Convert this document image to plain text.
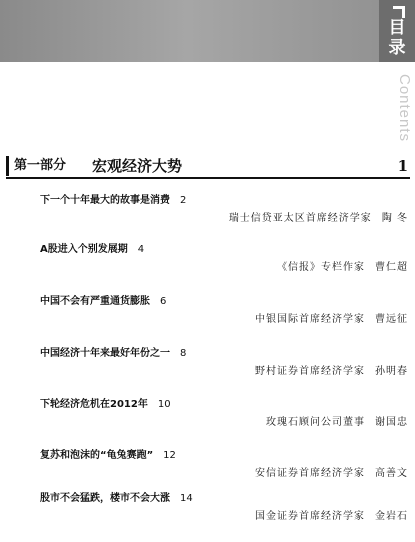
目
录
Contents
第一部分 宏观经济大势	1
下一个十年最大的故事是消费 2
瑞士信贷亚太区首席经济学家 陶 冬
A股进入个别发展期 4
《信报》专栏作家 曹仁超
中国不会有严重通货膨胀 6
中银国际首席经济学家 曹远征
中国经济十年来最好年份之一 8
野村证券首席经济学家 孙明春
下轮经济危机在2012年 10
玫瑰石顾问公司董事 谢国忠
复苏和泡沫的“龟兔赛跑” 12
安信证券首席经济学家 高善文
股市不会猛跌，楼市不会大涨 14
国金证券首席经济学家 金岩石
